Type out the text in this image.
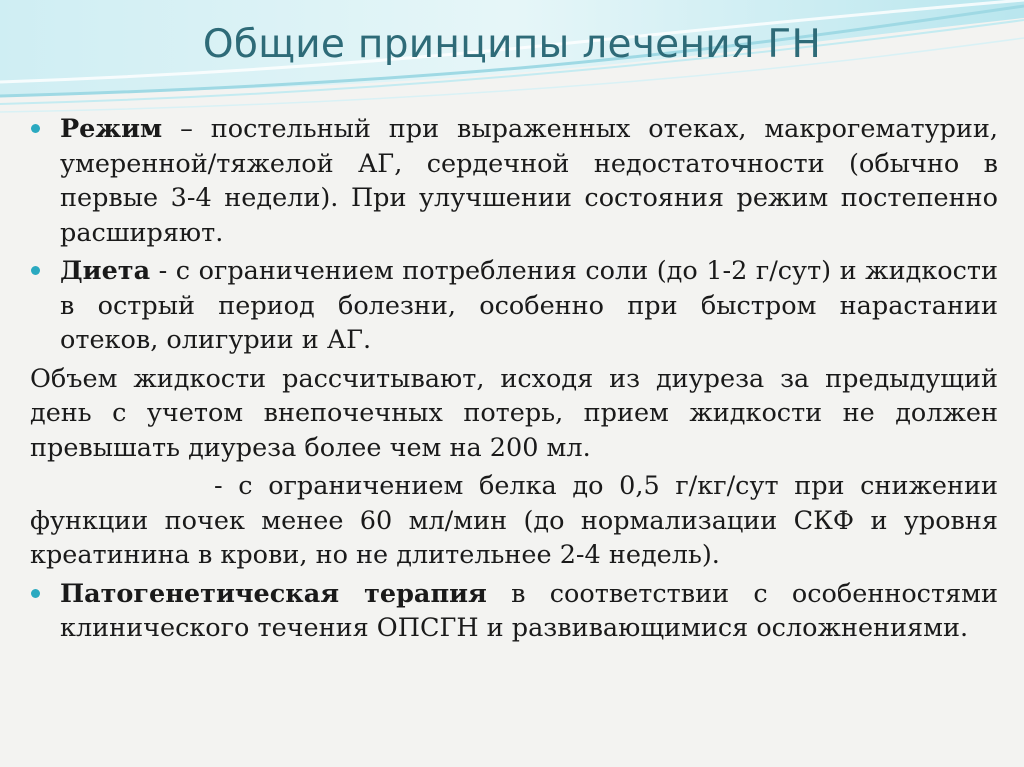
Общие принципы лечения ГН

Режим – постельный при выраженных отеках, макрогематурии, умеренной/тяжелой АГ, сердечной недостаточности (обычно в первые 3-4 недели). При улучшении состояния режим постепенно расширяют.

Диета - с ограничением потребления соли (до 1-2 г/сут) и жидкости в острый период болезни, особенно при быстром нарастании отеков, олигурии и АГ.

Объем жидкости рассчитывают, исходя из диуреза за предыдущий день с учетом внепочечных потерь, прием жидкости не должен превышать диуреза более чем на 200 мл.

- с ограничением белка до 0,5 г/кг/сут при снижении функции почек менее 60 мл/мин (до нормализации СКФ и уровня креатинина в крови, но не длительнее 2-4 недель).

Патогенетическая терапия в соответствии с особенностями клинического течения ОПСГН и развивающимися осложнениями.
